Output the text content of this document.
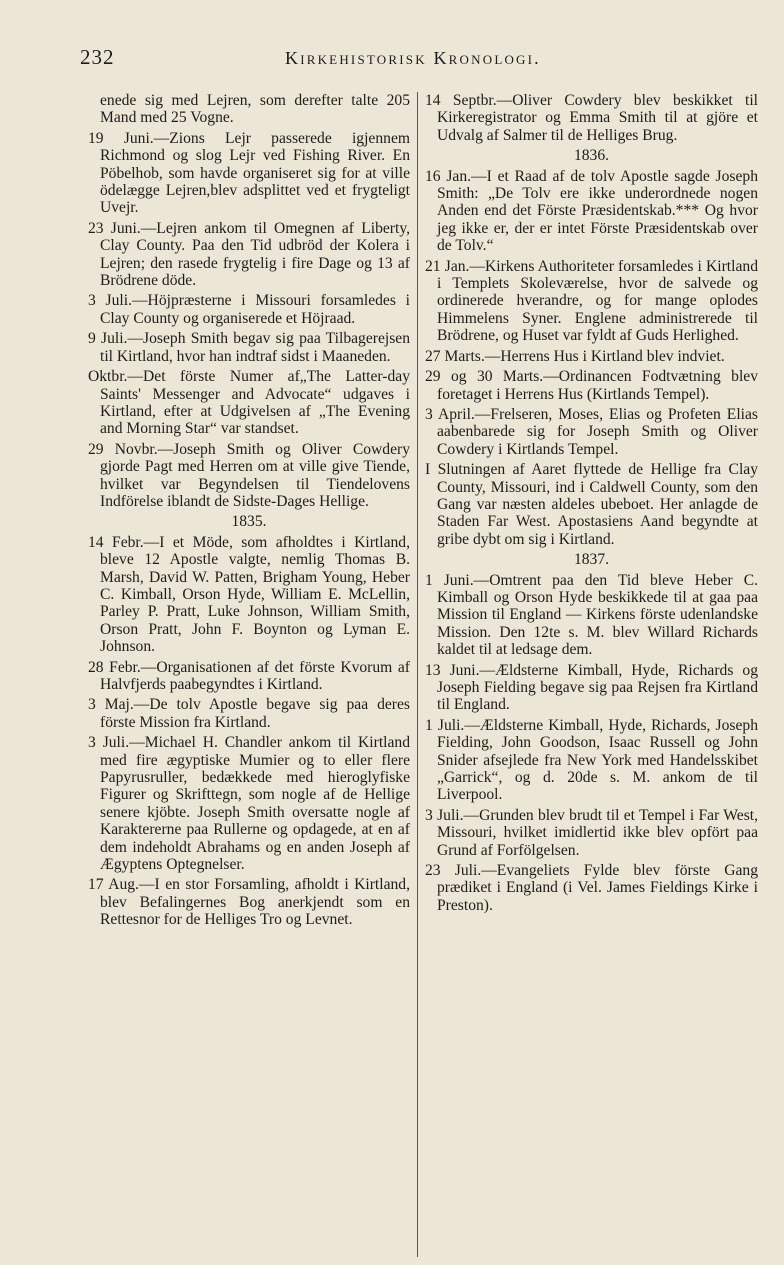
232	Kirkehistorisk Kronologi.

enede sig med Lejren, som derefter talte 205 Mand med 25 Vogne.

19 Juni.—Zions Lejr passerede igjennem Richmond og slog Lejr ved Fishing River. En Pöbelhob, som havde organiseret sig for at ville ödelægge Lejren,blev adsplittet ved et frygteligt Uvejr.

23 Juni.—Lejren ankom til Omegnen af Liberty, Clay County. Paa den Tid udbröd der Kolera i Lejren; den rasede frygtelig i fire Dage og 13 af Brödrene döde.

3 Juli.—Höjpræsterne i Missouri forsamledes i Clay County og organiserede et Höjraad.

9 Juli.—Joseph Smith begav sig paa Tilbagerejsen til Kirtland, hvor han indtraf sidst i Maaneden.

Oktbr.—Det förste Numer af„The Latter-day Saints' Messenger and Advocate“ udgaves i Kirtland, efter at Udgivelsen af „The Evening and Morning Star“ var standset.

29 Novbr.—Joseph Smith og Oliver Cowdery gjorde Pagt med Herren om at ville give Tiende, hvilket var Begyndelsen til Tiendelovens Indförelse iblandt de Sidste-Dages Hellige.

1835.

14 Febr.—I et Möde, som afholdtes i Kirtland, bleve 12 Apostle valgte, nemlig Thomas B. Marsh, David W. Patten, Brigham Young, Heber C. Kimball, Orson Hyde, William E. McLellin, Parley P. Pratt, Luke Johnson, William Smith, Orson Pratt, John F. Boynton og Lyman E. Johnson.

28 Febr.—Organisationen af det förste Kvorum af Halvfjerds paabegyndtes i Kirtland.

3 Maj.—De tolv Apostle begave sig paa deres förste Mission fra Kirtland.

3 Juli.—Michael H. Chandler ankom til Kirtland med fire ægyptiske Mumier og to eller flere Papyrusruller, bedækkede med hieroglyfiske Figurer og Skrifttegn, som nogle af de Hellige senere kjöbte. Joseph Smith oversatte nogle af Karaktererne paa Rullerne og opdagede, at en af dem indeholdt Abrahams og en anden Joseph af Ægyptens Optegnelser.

17 Aug.—I en stor Forsamling, afholdt i Kirtland, blev Befalingernes Bog anerkjendt som en Rettesnor for de Helliges Tro og Levnet.

14 Septbr.—Oliver Cowdery blev beskikket til Kirkeregistrator og Emma Smith til at gjöre et Udvalg af Salmer til de Helliges Brug.

1836.

16 Jan.—I et Raad af de tolv Apostle sagde Joseph Smith: „De Tolv ere ikke underordnede nogen Anden end det Förste Præsidentskab.*** Og hvor jeg ikke er, der er intet Förste Præsidentskab over de Tolv.“

21 Jan.—Kirkens Authoriteter forsamledes i Kirtland i Templets Skoleværelse, hvor de salvede og ordinerede hverandre, og for mange oplodes Himmelens Syner. Englene administrerede til Brödrene, og Huset var fyldt af Guds Herlighed.

27 Marts.—Herrens Hus i Kirtland blev indviet.

29 og 30 Marts.—Ordinancen Fodtvætning blev foretaget i Herrens Hus (Kirtlands Tempel).

3 April.—Frelseren, Moses, Elias og Profeten Elias aabenbarede sig for Joseph Smith og Oliver Cowdery i Kirtlands Tempel.

I Slutningen af Aaret flyttede de Hellige fra Clay County, Missouri, ind i Caldwell County, som den Gang var næsten aldeles ubeboet. Her anlagde de Staden Far West. Apostasiens Aand begyndte at gribe dybt om sig i Kirtland.

1837.

1 Juni.—Omtrent paa den Tid bleve Heber C. Kimball og Orson Hyde beskikkede til at gaa paa Mission til England — Kirkens förste udenlandske Mission. Den 12te s. M. blev Willard Richards kaldet til at ledsage dem.

13 Juni.—Ældsterne Kimball, Hyde, Richards og Joseph Fielding begave sig paa Rejsen fra Kirtland til England.

1 Juli.—Ældsterne Kimball, Hyde, Richards, Joseph Fielding, John Goodson, Isaac Russell og John Snider afsejlede fra New York med Handelsskibet „Garrick“, og d. 20de s. M. ankom de til Liverpool.

3 Juli.—Grunden blev brudt til et Tempel i Far West, Missouri, hvilket imidlertid ikke blev opfört paa Grund af Forfölgelsen.

23 Juli.—Evangeliets Fylde blev förste Gang prædiket i England (i Vel. James Fieldings Kirke i Preston).
